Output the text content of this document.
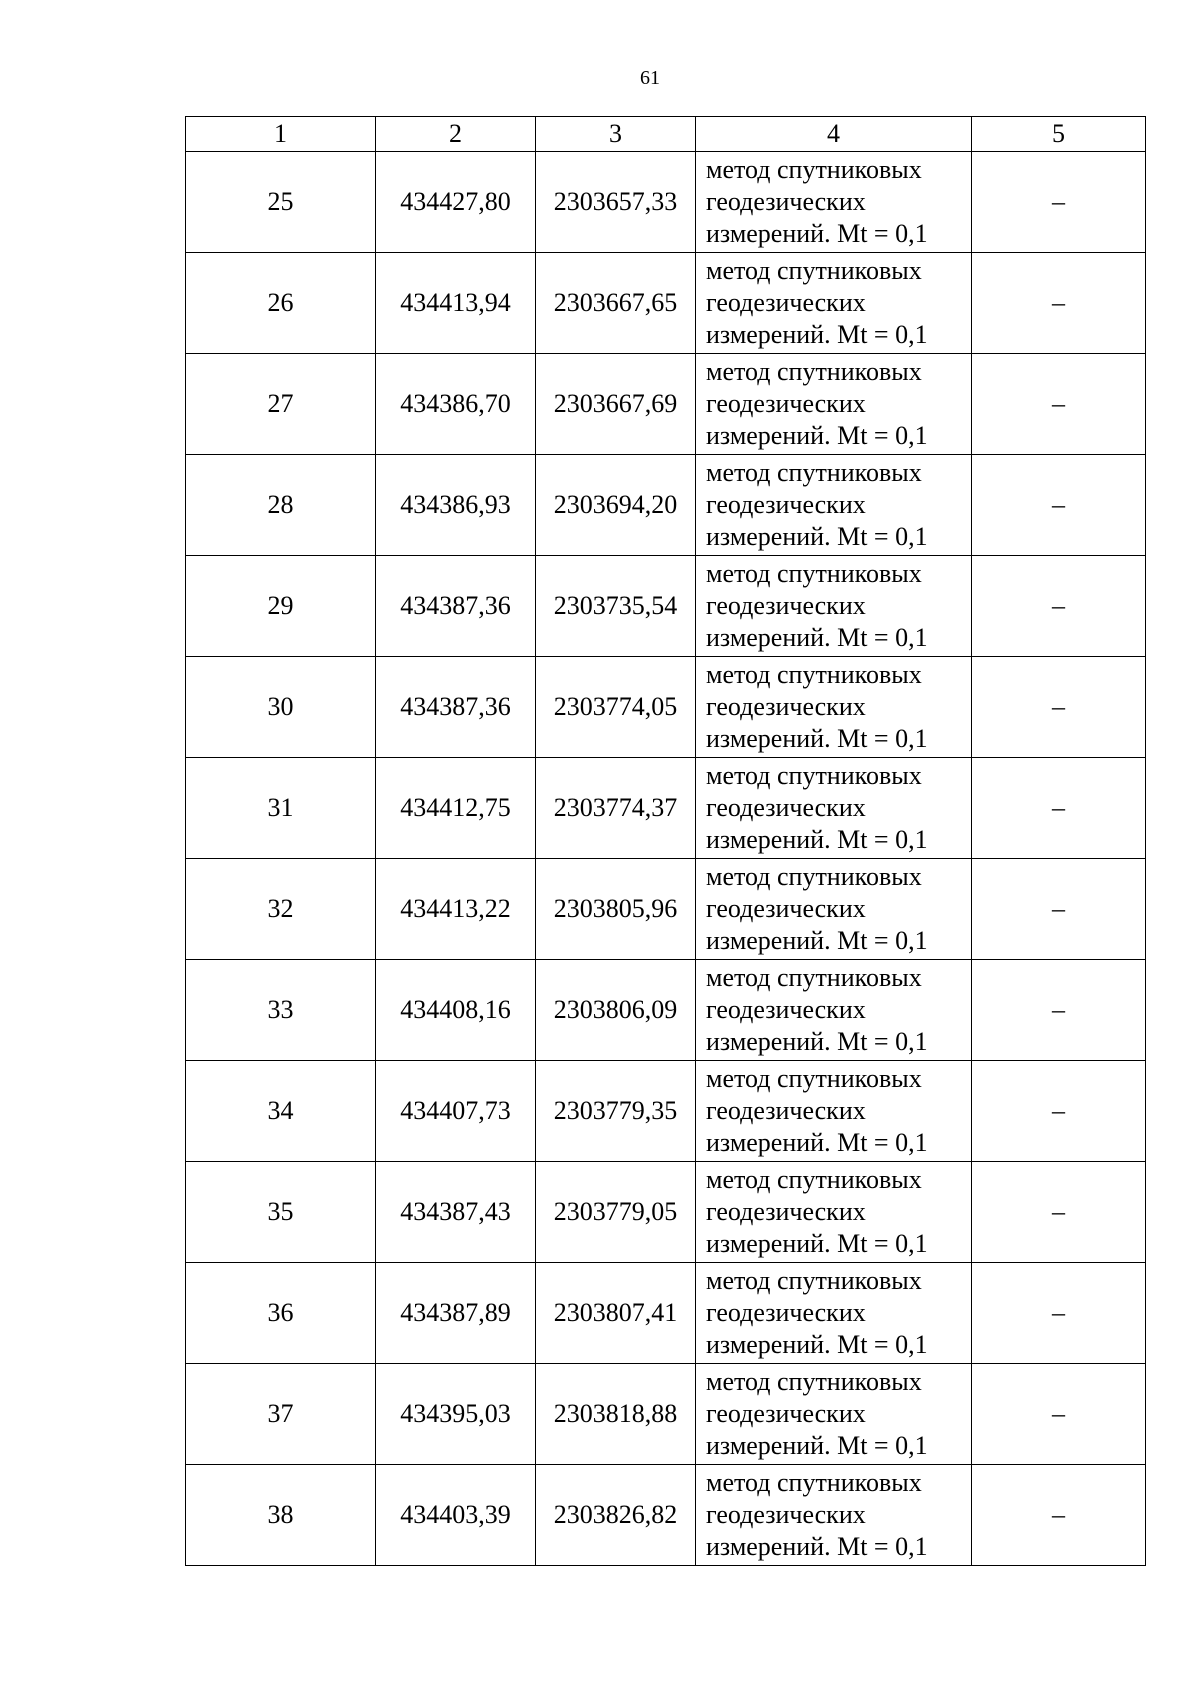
61
1	2	3	4	5
25	434427,80	2303657,33	метод спутниковых
геодезических
измерений. Mt = 0,1	–
26	434413,94	2303667,65	метод спутниковых
геодезических
измерений. Mt = 0,1	–
27	434386,70	2303667,69	метод спутниковых
геодезических
измерений. Mt = 0,1	–
28	434386,93	2303694,20	метод спутниковых
геодезических
измерений. Mt = 0,1	–
29	434387,36	2303735,54	метод спутниковых
геодезических
измерений. Mt = 0,1	–
30	434387,36	2303774,05	метод спутниковых
геодезических
измерений. Mt = 0,1	–
31	434412,75	2303774,37	метод спутниковых
геодезических
измерений. Mt = 0,1	–
32	434413,22	2303805,96	метод спутниковых
геодезических
измерений. Mt = 0,1	–
33	434408,16	2303806,09	метод спутниковых
геодезических
измерений. Mt = 0,1	–
34	434407,73	2303779,35	метод спутниковых
геодезических
измерений. Mt = 0,1	–
35	434387,43	2303779,05	метод спутниковых
геодезических
измерений. Mt = 0,1	–
36	434387,89	2303807,41	метод спутниковых
геодезических
измерений. Mt = 0,1	–
37	434395,03	2303818,88	метод спутниковых
геодезических
измерений. Mt = 0,1	–
38	434403,39	2303826,82	метод спутниковых
геодезических
измерений. Mt = 0,1	–
